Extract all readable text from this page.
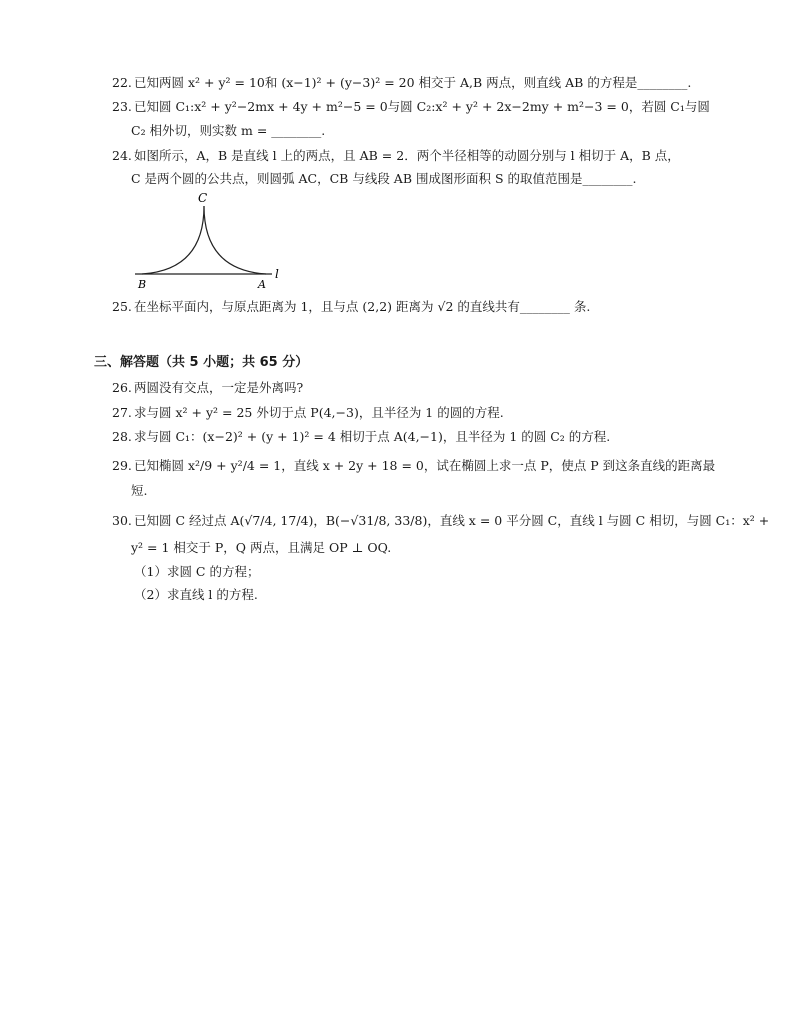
22. 已知两圆 x² + y² = 10和 (x−1)² + (y−3)² = 20 相交于 A,B 两点，则直线 AB 的方程是________.
23. 已知圆 C₁:x² + y²−2mx + 4y + m²−5 = 0与圆 C₂:x² + y² + 2x−2my + m²−3 = 0，若圆 C₁与圆
C₂ 相外切，则实数 m = ________.
24. 如图所示，A，B 是直线 l 上的两点，且 AB = 2．两个半径相等的动圆分别与 l 相切于 A，B 点，
C 是两个圆的公共点，则圆弧 AC，CB 与线段 AB 围成图形面积 S 的取值范围是________.
C
B	A
l
25. 在坐标平面内，与原点距离为 1，且与点 (2,2) 距离为 √2 的直线共有________ 条.
三、解答题（共 5 小题；共 65 分）
26. 两圆没有交点，一定是外离吗?
27. 求与圆 x² + y² = 25 外切于点 P(4,−3)，且半径为 1 的圆的方程.
28. 求与圆 C₁：(x−2)² + (y + 1)² = 4 相切于点 A(4,−1)，且半径为 1 的圆 C₂ 的方程.
29. 已知椭圆 x²/9 + y²/4 = 1，直线 x + 2y + 18 = 0，试在椭圆上求一点 P，使点 P 到这条直线的距离最
短.
30. 已知圆 C 经过点 A(√7/4, 17/4)，B(−√31/8, 33/8)，直线 x = 0 平分圆 C，直线 l 与圆 C 相切，与圆 C₁：x² +
y² = 1 相交于 P，Q 两点，且满足 OP ⊥ OQ.
（1）求圆 C 的方程；
（2）求直线 l 的方程.
